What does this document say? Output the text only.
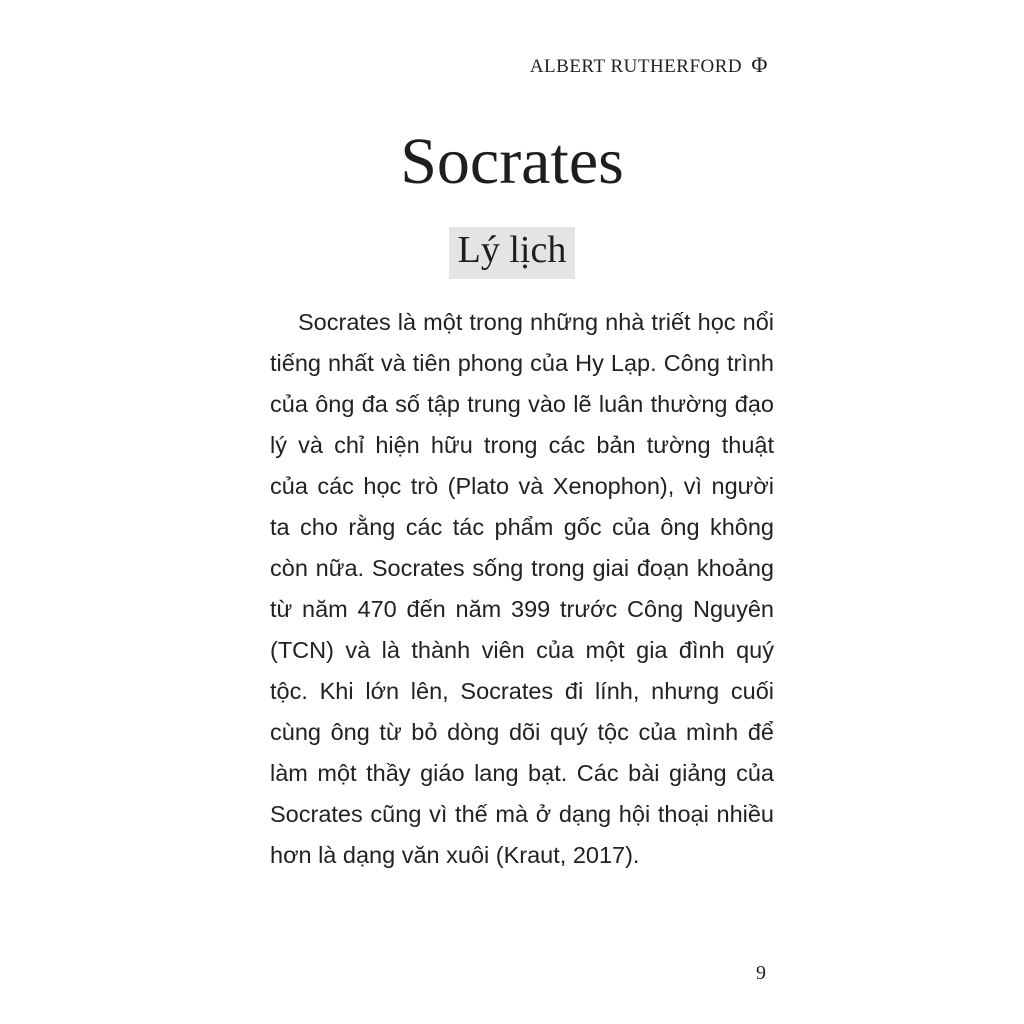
ALBERT RUTHERFORD Φ
Socrates
Lý lịch
Socrates là một trong những nhà triết học nổi
tiếng nhất và tiên phong của Hy Lạp. Công trình
của ông đa số tập trung vào lẽ luân thường đạo
lý và chỉ hiện hữu trong các bản tường thuật
của các học trò (Plato và Xenophon), vì người
ta cho rằng các tác phẩm gốc của ông không
còn nữa. Socrates sống trong giai đoạn khoảng
từ năm 470 đến năm 399 trước Công Nguyên
(TCN) và là thành viên của một gia đình quý
tộc. Khi lớn lên, Socrates đi lính, nhưng cuối
cùng ông từ bỏ dòng dõi quý tộc của mình để
làm một thầy giáo lang bạt. Các bài giảng của
Socrates cũng vì thế mà ở dạng hội thoại nhiều
hơn là dạng văn xuôi (Kraut, 2017).
9
